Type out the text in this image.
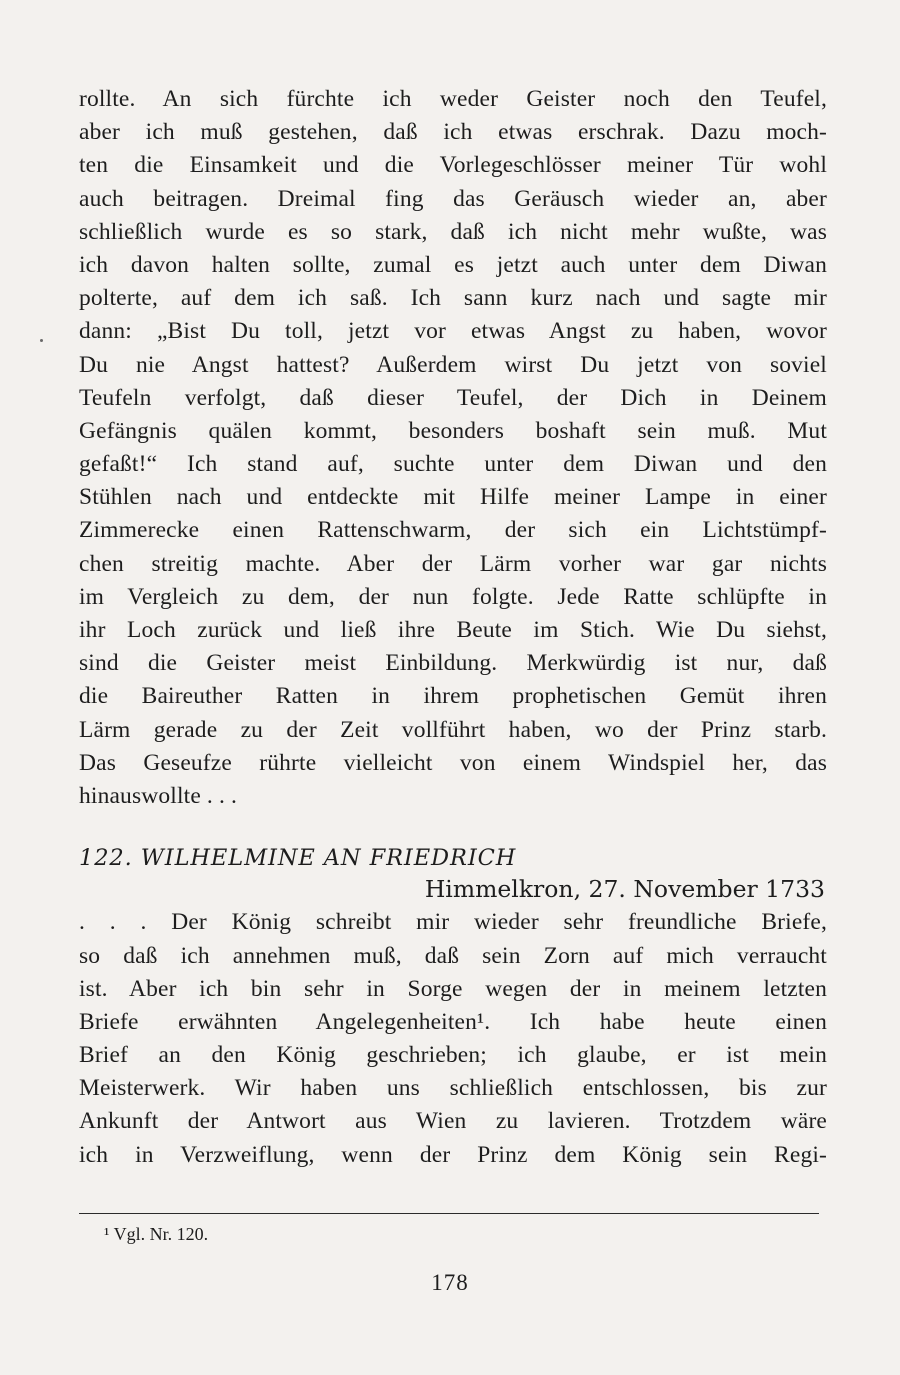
rollte. An sich fürchte ich weder Geister noch den Teufel,
aber ich muß gestehen, daß ich etwas erschrak. Dazu moch-
ten die Einsamkeit und die Vorlegeschlösser meiner Tür wohl
auch beitragen. Dreimal fing das Geräusch wieder an, aber
schließlich wurde es so stark, daß ich nicht mehr wußte, was
ich davon halten sollte, zumal es jetzt auch unter dem Diwan
polterte, auf dem ich saß. Ich sann kurz nach und sagte mir
dann: „Bist Du toll, jetzt vor etwas Angst zu haben, wovor
Du nie Angst hattest? Außerdem wirst Du jetzt von soviel
Teufeln verfolgt, daß dieser Teufel, der Dich in Deinem
Gefängnis quälen kommt, besonders boshaft sein muß. Mut
gefaßt!“ Ich stand auf, suchte unter dem Diwan und den
Stühlen nach und entdeckte mit Hilfe meiner Lampe in einer
Zimmerecke einen Rattenschwarm, der sich ein Lichtstümpf-
chen streitig machte. Aber der Lärm vorher war gar nichts
im Vergleich zu dem, der nun folgte. Jede Ratte schlüpfte in
ihr Loch zurück und ließ ihre Beute im Stich. Wie Du siehst,
sind die Geister meist Einbildung. Merkwürdig ist nur, daß
die Baireuther Ratten in ihrem prophetischen Gemüt ihren
Lärm gerade zu der Zeit vollführt haben, wo der Prinz starb.
Das Geseufze rührte vielleicht von einem Windspiel her, das
hinauswollte . . .
122. WILHELMINE AN FRIEDRICH
Himmelkron, 27. November 1733
. . . Der König schreibt mir wieder sehr freundliche Briefe,
so daß ich annehmen muß, daß sein Zorn auf mich verraucht
ist. Aber ich bin sehr in Sorge wegen der in meinem letzten
Briefe erwähnten Angelegenheiten¹. Ich habe heute einen
Brief an den König geschrieben; ich glaube, er ist mein
Meisterwerk. Wir haben uns schließlich entschlossen, bis zur
Ankunft der Antwort aus Wien zu lavieren. Trotzdem wäre
ich in Verzweiflung, wenn der Prinz dem König sein Regi-
¹ Vgl. Nr. 120.
178
